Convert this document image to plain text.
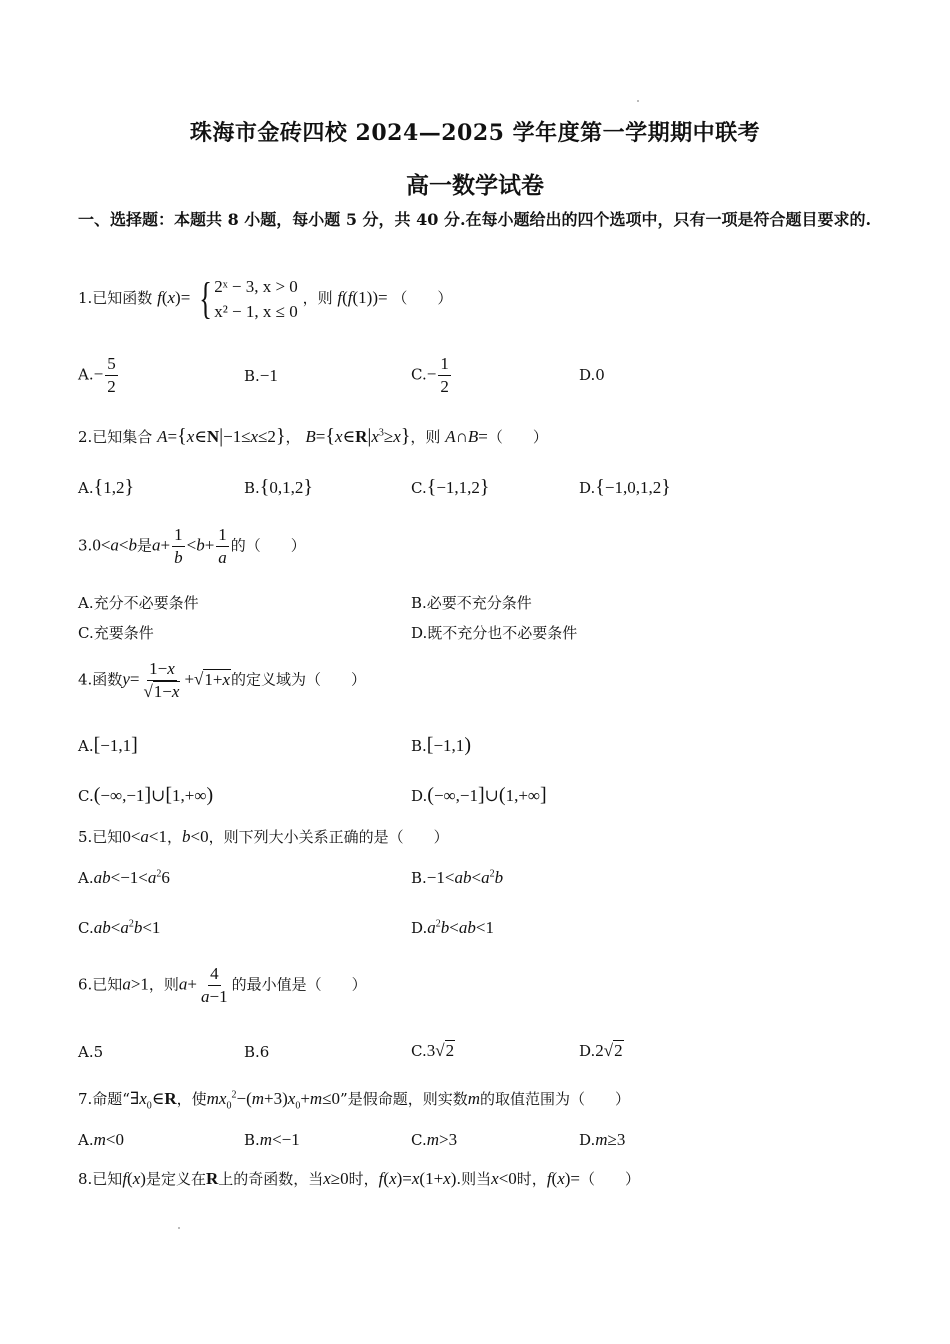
珠海市金砖四校 2024—2025 学年度第一学期期中联考
高一数学试卷
一、选择题：本题共 8 小题，每小题 5 分，共 40 分.在每小题给出的四个选项中，只有一项是符合题目要求的.
1.已知函数 f(x)= { 2ˣ − 3, x > 0
x² − 1, x ≤ 0
，则 f(f(1))= （　　）
$A.- \frac{5}{2}$	B.−1	$C.- \frac{1}{2}$	D.0
2.已知集合 A={x∈N|−1≤x≤2}， $B=\{x\in R|x^3\ge x\}$，则 A∩B=（　　）
A.{1,2}	B.{0,1,2}	C.{−1,1,2}	D.{−1,0,1,2}
3.0<a<b是$a+ \frac{1}{b} <b+ \frac{1}{a}$ 的（　　）
A.充分不必要条件	B.必要不充分条件
C.充要条件	D.既不充分也不必要条件
4.函数$y= \frac{1-x}{√1-x} +√1+x$的定义域为（　　）
A.[−1,1]	B.[−1,1)
C.(−∞,−1]∪[1,+∞)	D.(−∞,−1]∪(1,+∞]
5.已知0<a<1，b<0，则下列大小关系正确的是（　　）
$A.ab<-1<a^26$	$B.-1<ab<a^2b$
$C.ab<a^2b<1$	$D.a^2b<ab<1$
6.已知a>1，则$a+ \frac{4}{a-1}$ 的最小值是（　　）
A.5	B.6	C.3√2	D.2√2
7.命题“$\exists x_0\in R$，使$mx_0^2-(m+3)x_0+m\le 0$”是假命题，则实数m的取值范围为（　　）
A.m<0	B.m<−1	C.m>3	D.m≥3
8.已知f(x)是定义在R上的奇函数，当x≥0时，f(x)=x(1+x).则当x<0时，f(x)=（　　）
